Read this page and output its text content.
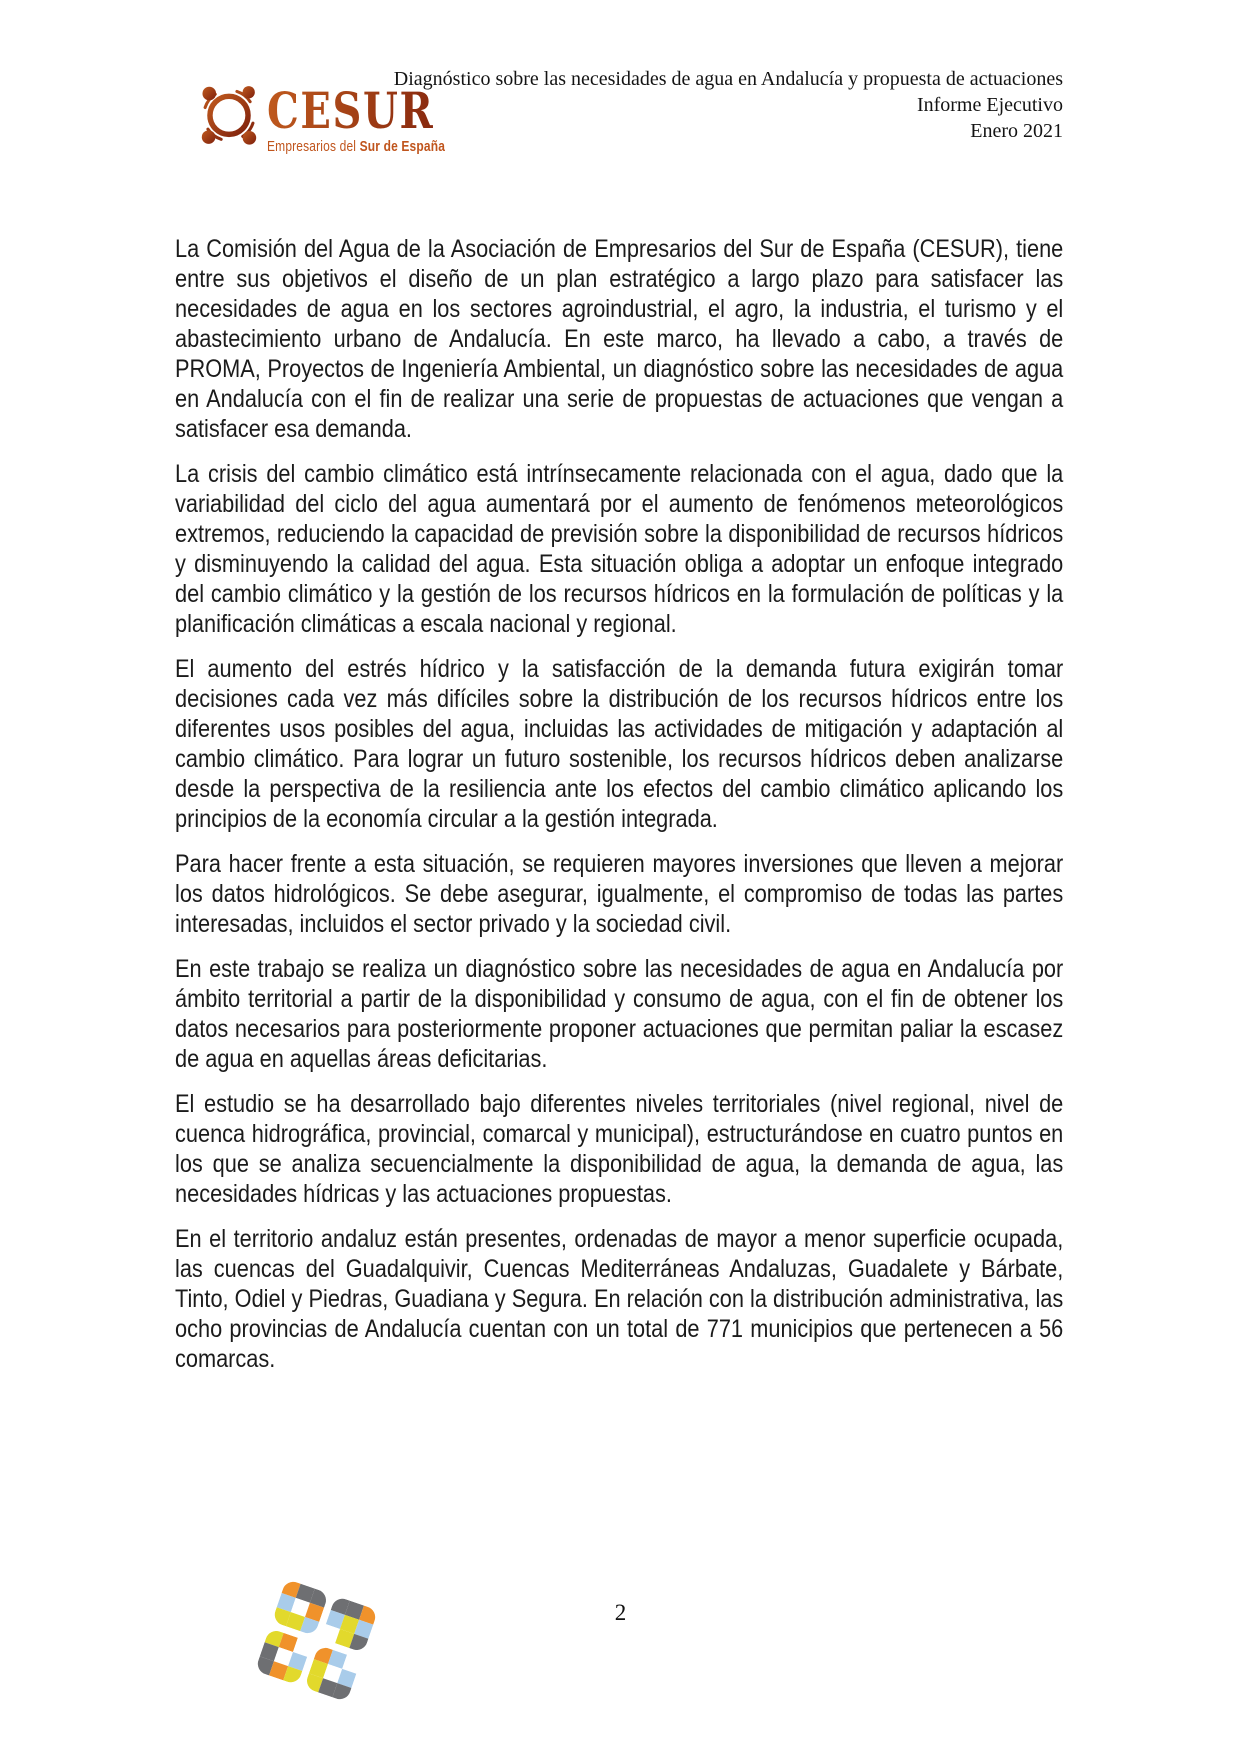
CESUR
Empresarios del Sur de España
Diagnóstico sobre las necesidades de agua en Andalucía y propuesta de actuaciones
Informe Ejecutivo
Enero 2021

La Comisión del Agua de la Asociación de Empresarios del Sur de España (CESUR), tiene entre sus objetivos el diseño de un plan estratégico a largo plazo para satisfacer las necesidades de agua en los sectores agroindustrial, el agro, la industria, el turismo y el abastecimiento urbano de Andalucía. En este marco, ha llevado a cabo, a través de PROMA, Proyectos de Ingeniería Ambiental, un diagnóstico sobre las necesidades de agua en Andalucía con el fin de realizar una serie de propuestas de actuaciones que vengan a satisfacer esa demanda.

La crisis del cambio climático está intrínsecamente relacionada con el agua, dado que la variabilidad del ciclo del agua aumentará por el aumento de fenómenos meteorológicos extremos, reduciendo la capacidad de previsión sobre la disponibilidad de recursos hídricos y disminuyendo la calidad del agua. Esta situación obliga a adoptar un enfoque integrado del cambio climático y la gestión de los recursos hídricos en la formulación de políticas y la planificación climáticas a escala nacional y regional.

El aumento del estrés hídrico y la satisfacción de la demanda futura exigirán tomar decisiones cada vez más difíciles sobre la distribución de los recursos hídricos entre los diferentes usos posibles del agua, incluidas las actividades de mitigación y adaptación al cambio climático. Para lograr un futuro sostenible, los recursos hídricos deben analizarse desde la perspectiva de la resiliencia ante los efectos del cambio climático aplicando los principios de la economía circular a la gestión integrada.

Para hacer frente a esta situación, se requieren mayores inversiones que lleven a mejorar los datos hidrológicos. Se debe asegurar, igualmente, el compromiso de todas las partes interesadas, incluidos el sector privado y la sociedad civil.

En este trabajo se realiza un diagnóstico sobre las necesidades de agua en Andalucía por ámbito territorial a partir de la disponibilidad y consumo de agua, con el fin de obtener los datos necesarios para posteriormente proponer actuaciones que permitan paliar la escasez de agua en aquellas áreas deficitarias.

El estudio se ha desarrollado bajo diferentes niveles territoriales (nivel regional, nivel de cuenca hidrográfica, provincial, comarcal y municipal), estructurándose en cuatro puntos en los que se analiza secuencialmente la disponibilidad de agua, la demanda de agua, las necesidades hídricas y las actuaciones propuestas.

En el territorio andaluz están presentes, ordenadas de mayor a menor superficie ocupada, las cuencas del Guadalquivir, Cuencas Mediterráneas Andaluzas, Guadalete y Bárbate, Tinto, Odiel y Piedras, Guadiana y Segura. En relación con la distribución administrativa, las ocho provincias de Andalucía cuentan con un total de 771 municipios que pertenecen a 56 comarcas.

2
